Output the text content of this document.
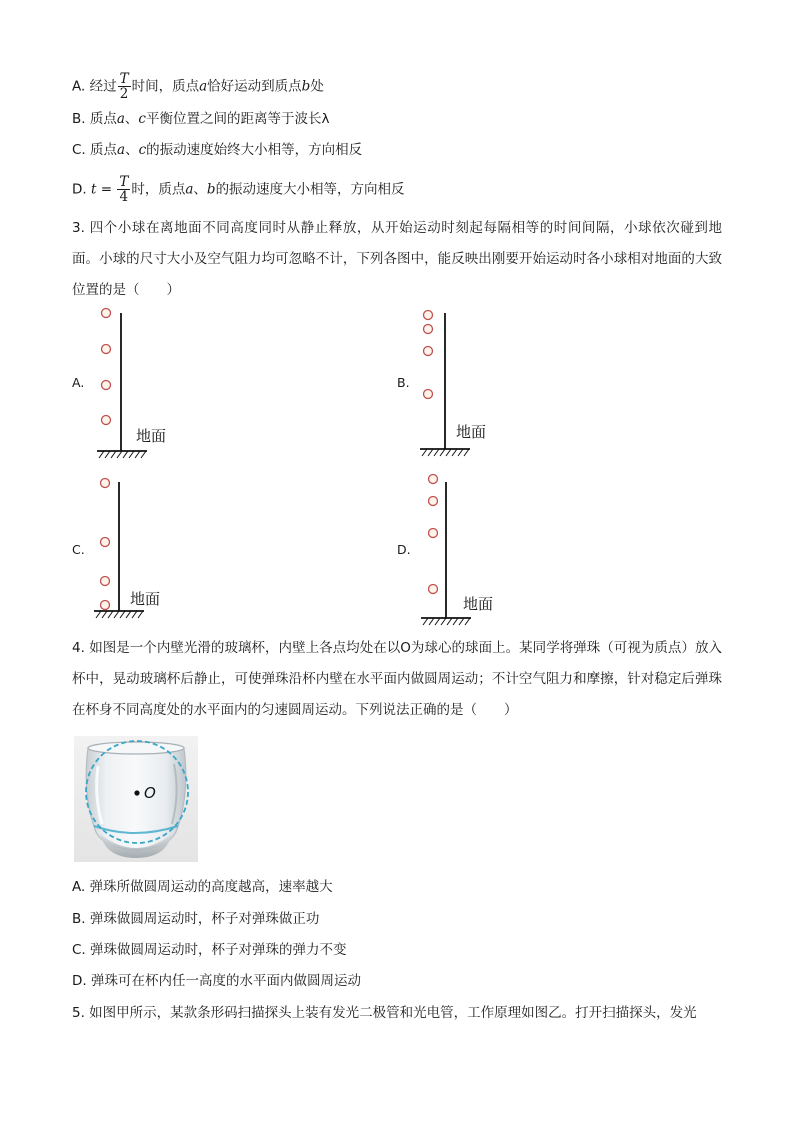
A. 经过 $\frac{T}{2}$ 时间，质点a恰好运动到质点b处
B. 质点a、c平衡位置之间的距离等于波长λ
C. 质点a、c的振动速度始终大小相等，方向相反
D. $t = \frac{T}{4}$ 时，质点a、b的振动速度大小相等，方向相反
3. 四个小球在离地面不同高度同时从静止释放，从开始运动时刻起每隔相等的时间间隔，小球依次碰到地面。小球的尺寸大小及空气阻力均可忽略不计，下列各图中，能反映出刚要开始运动时各小球相对地面的大致位置的是（　　）
A.	B.
C.	D.
地面	地面
地面	地面
4. 如图是一个内壁光滑的玻璃杯，内壁上各点均处在以O为球心的球面上。某同学将弹珠（可视为质点）放入杯中，晃动玻璃杯后静止，可使弹珠沿杯内壁在水平面内做圆周运动；不计空气阻力和摩擦，针对稳定后弹珠在杯身不同高度处的水平面内的匀速圆周运动。下列说法正确的是（　　）
O
A. 弹珠所做圆周运动的高度越高，速率越大
B. 弹珠做圆周运动时，杯子对弹珠做正功
C. 弹珠做圆周运动时，杯子对弹珠的弹力不变
D. 弹珠可在杯内任一高度的水平面内做圆周运动
5. 如图甲所示，某款条形码扫描探头上装有发光二极管和光电管，工作原理如图乙。打开扫描探头，发光
